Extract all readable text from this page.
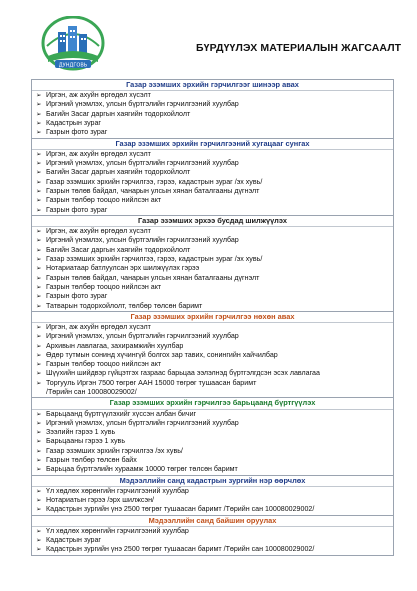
ДУНДГОВЬ
БҮРДҮҮЛЭХ МАТЕРИАЛЫН ЖАГСААЛТ
Газар эзэмших эрхийн гэрчилгээг шинээр авах
➢ Иргэн, аж ахуйн өргөдөл хүсэлт
➢ Иргэний үнэмлэх, улсын бүртгэлийн гэрчилгээний хуулбар
➢ Багийн Засаг даргын хаягийн тодорхойлолт
➢ Кадастрын зураг
➢ Газрын фото зураг
Газар эзэмших эрхийн гэрчилгээний хугацааг сунгах
➢ Иргэн, аж ахуйн өргөдөл хүсэлт
➢ Иргэний үнэмлэх, улсын бүртгэлийн гэрчилгээний хуулбар
➢ Багийн Засаг даргын хаягийн тодорхойлолт
➢ Газар эзэмших эрхийн гэрчилгээ, гэрээ, кадастрын зураг /эх хувь/
➢ Газрын төлөв байдал, чанарын улсын хянан баталгааны дүгнэлт
➢ Газрын төлбөр тооцоо нийлсэн акт
➢ Газрын фото зураг
Газар эзэмших эрхээ бусдад шилжүүлэх
➢ Иргэн, аж ахуйн өргөдөл хүсэлт
➢ Иргэний үнэмлэх, улсын бүртгэлийн гэрчилгээний хуулбар
➢ Багийн Засаг даргын хаягийн тодорхойлолт
➢ Газар эзэмших эрхийн гэрчилгээ, гэрээ, кадастрын зураг /эх хувь/
➢ Нотариатаар батлуулсан эрх шилжүүлэх гэрээ
➢ Газрын төлөв байдал, чанарын улсын хянан баталгааны дүгнэлт
➢ Газрын төлбөр тооцоо нийлсэн акт
➢ Газрын фото зураг
➢ Татварын тодорхойлолт, төлбөр төлсөн баримт
Газар эзэмших эрхийн гэрчилгээ нөхөн авах
➢ Иргэн, аж ахуйн өргөдөл хүсэлт
➢ Иргэний үнэмлэх, улсын бүртгэлийн гэрчилгээний хуулбар
➢ Архивын лавлагаа, захирамжийн хуулбар
➢ Өдөр тутмын сонинд хүчингүй болгох зар тавих, сонингийн хайчилбар
➢ Газрын төлбөр тооцоо нийлсэн акт
➢ Шүүхийн шийдвэр гүйцэтгэх газраас барьцаа ээлэлнэд бүртгэлгдсэн эсэх лавлагаа
➢ Торгууль Иргэн 7500 төгрөг ААН 15000 төгрөг тушаасан баримт
/Төрийн сан 100080029002/
Газар эзэмших эрхийн гэрчилгээ барьцаанд бүртгүүлэх
➢ Барьцаанд бүртгүүлэхийг хүссэн албан бичиг
➢ Иргэний үнэмлэх, улсын бүртгэлийн гэрчилгээний хуулбар
➢ Зээлийн гэрээ 1 хувь
➢ Барьцааны гэрээ 1 хувь
➢ Газар эзэмших эрхийн гэрчилгээ /эх хувь/
➢ Газрын төлбөр төлсөн байх
➢ Барьцаа бүртгэлийн хураамж 10000 төгрөг төлсөн баримт
Мэдээллийн санд кадастрын зургийн нэр өөрчлөх
➢ Үл хөдлөх хөрөнгийн гэрчилгээний хуулбар
➢ Нотариатын гэрээ /эрх шилжсэн/
➢ Кадастрын зургийн үнэ 2500 төгрөг тушаасан баримт /Төрийн сан 100080029002/
Мэдээллийн санд байшин оруулах
➢ Үл хөдлөх хөрөнгийн гэрчилгээний хуулбар
➢ Кадастрын зураг
➢ Кадастрын зургийн үнэ 2500 төгрөг тушаасан баримт /Төрийн сан 100080029002/
